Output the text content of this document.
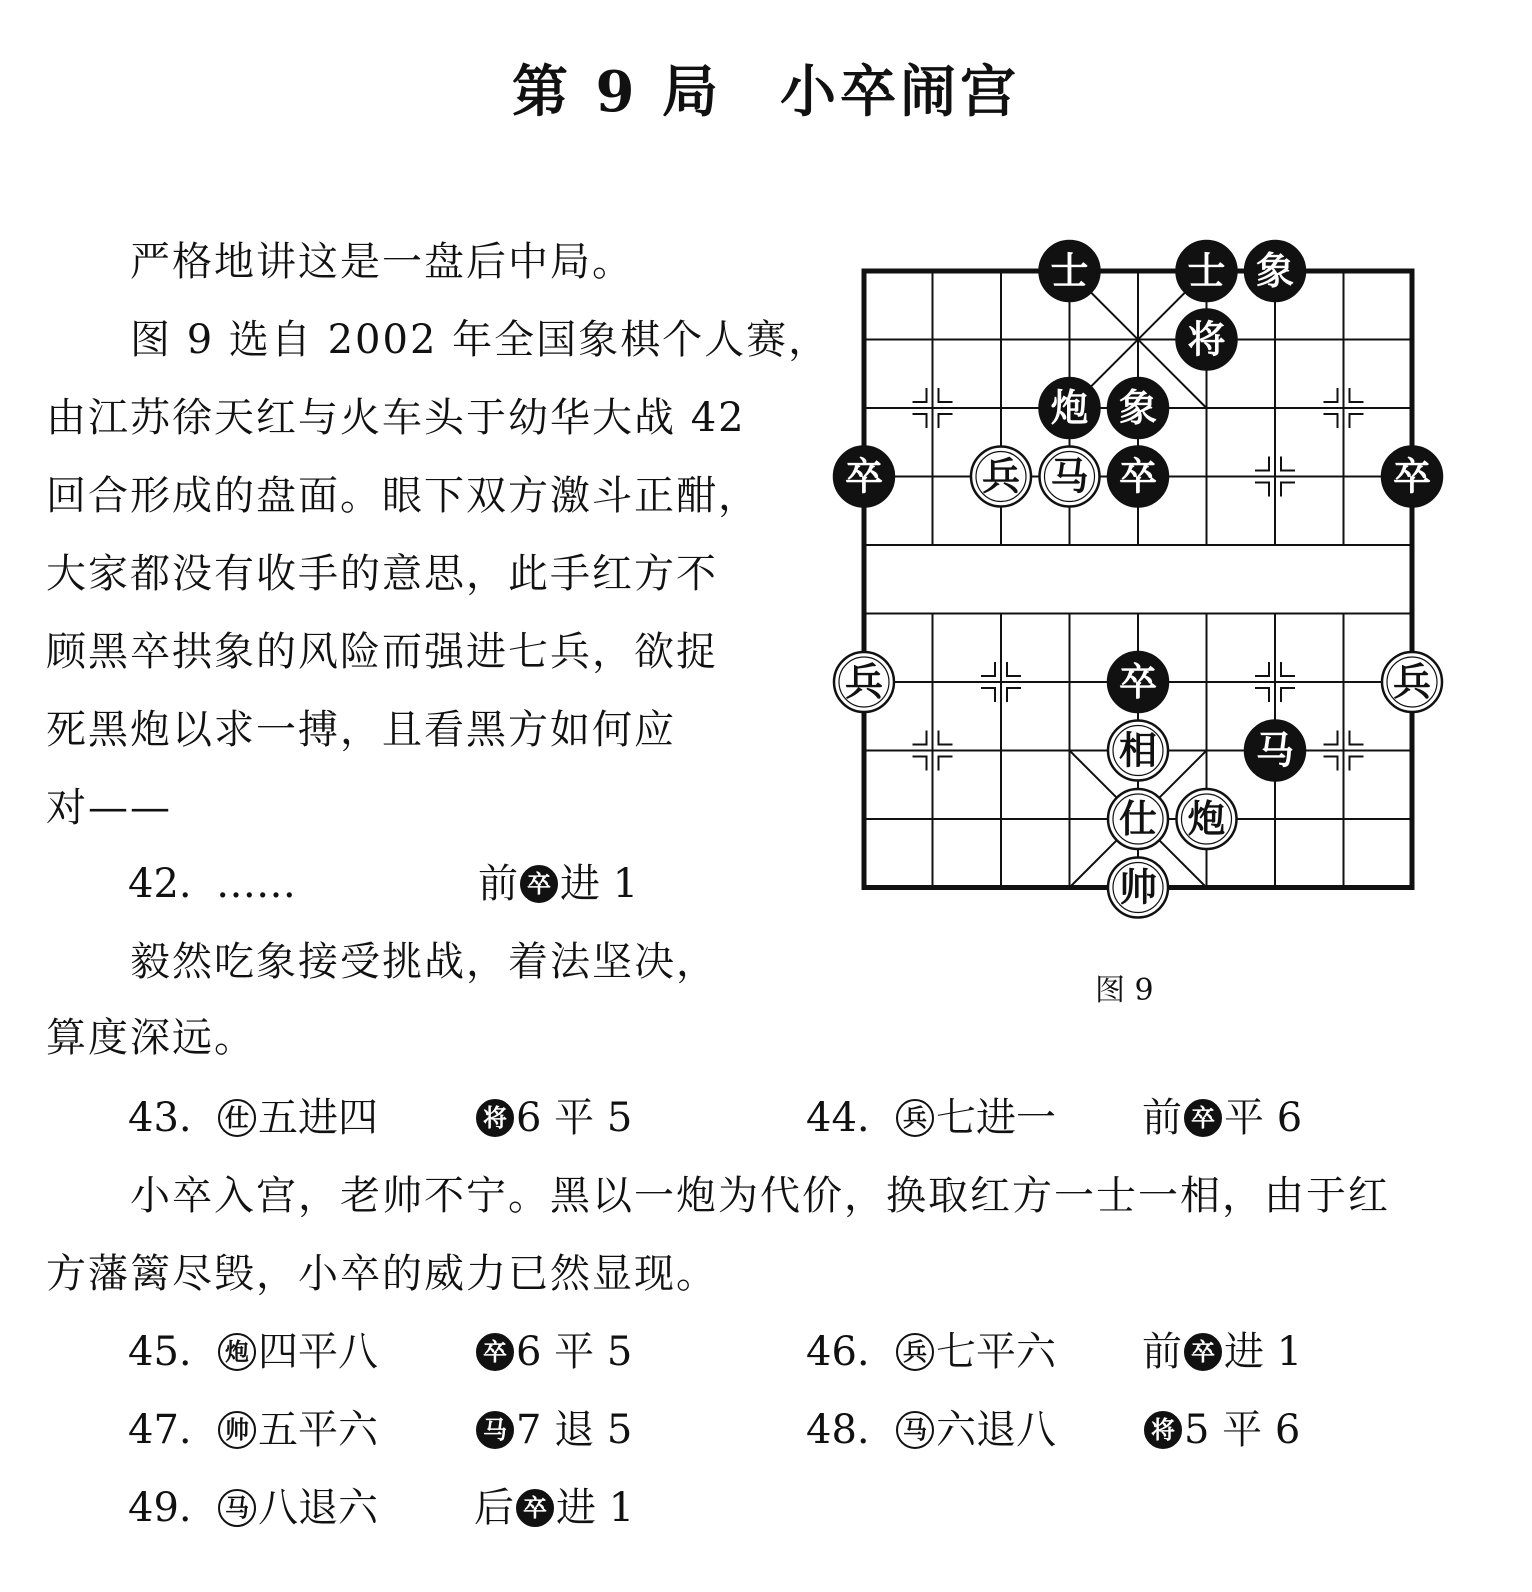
第 9 局 小卒闹宫
严格地讲这是一盘后中局。
图 9 选自 2002 年全国象棋个人赛，
由江苏徐天红与火车头于幼华大战 42
回合形成的盘面。眼下双方激斗正酣，
大家都没有收手的意思，此手红方不
顾黑卒拱象的风险而强进七兵，欲捉
死黑炮以求一搏，且看黑方如何应
对——
42. ……	前 卒 进 1
毅然吃象接受挑战，着法坚决，
算度深远。
43.	仕 五进四	将 6 平 5	44.	兵 七进一	前 卒 平 6
小卒入宫，老帅不宁。黑以一炮为代价，换取红方一士一相，由于红
方藩篱尽毁，小卒的威力已然显现。
45.	炮 四平八	卒 6 平 5	46.	兵 七平六	前 卒 进 1
47.	帅 五平六	马 7 退 5	48.	马 六退八	将 5 平 6
49.	马 八退六	后 卒 进 1
士	士 象
将
炮 象
卒	兵 马 卒	卒
兵	卒	兵
相	马
仕 炮
帅
图 9
